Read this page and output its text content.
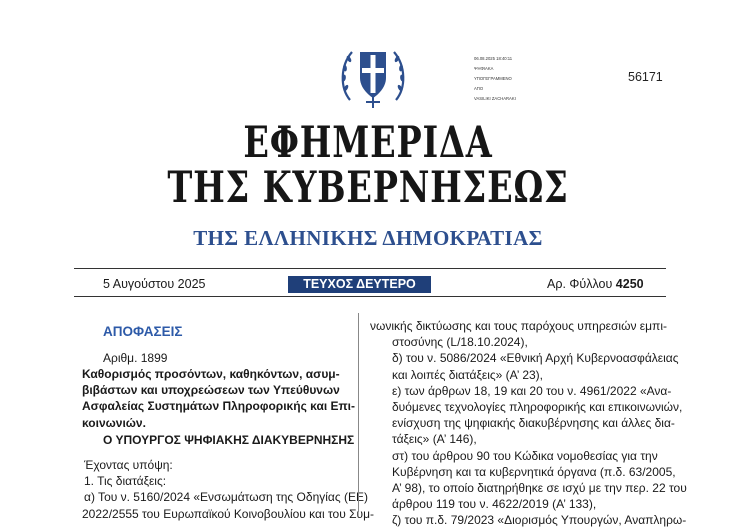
06.08.2025 18:40:11
ΨΗΦΙΑΚΑ
ΥΠΟΓΕΓΡΑΜΜΕΝΟ
ΑΠΟ
VASILIKI ZACHARAKI
56171
ΕΦΗΜΕΡΙΔΑ
ΤΗΣ ΚΥΒΕΡΝΗΣΕΩΣ
ΤΗΣ ΕΛΛΗΝΙΚΗΣ ΔΗΜΟΚΡΑΤΙΑΣ
5 Αυγούστου 2025	ΤΕΥΧΟΣ ΔΕΥΤΕΡΟ	Αρ. Φύλλου 4250
ΑΠΟΦΑΣΕΙΣ
Αριθμ. 1899
Καθορισμός προσόντων, καθηκόντων, ασυμ-
βιβάστων και υποχρεώσεων των Υπεύθυνων
Ασφαλείας Συστημάτων Πληροφορικής και Επι-
κοινωνιών.
Ο ΥΠΟΥΡΓΟΣ ΨΗΦΙΑΚΗΣ ΔΙΑΚΥΒΕΡΝΗΣΗΣ
Έχοντας υπόψη:
1. Τις διατάξεις:
α) Του ν. 5160/2024 «Ενσωμάτωση της Οδηγίας (ΕΕ)
2022/2555 του Ευρωπαϊκού Κοινοβουλίου και του Συμ-
νωνικής δικτύωσης και τους παρόχους υπηρεσιών εμπι-
στοσύνης (L/18.10.2024),
δ) του ν. 5086/2024 «Εθνική Αρχή Κυβερνοασφάλειας
και λοιπές διατάξεις» (Α’ 23),
ε) των άρθρων 18, 19 και 20 του ν. 4961/2022 «Ανα-
δυόμενες τεχνολογίες πληροφορικής και επικοινωνιών,
ενίσχυση της ψηφιακής διακυβέρνησης και άλλες δια-
τάξεις» (Α’ 146),
στ) του άρθρου 90 του Κώδικα νομοθεσίας για την
Κυβέρνηση και τα κυβερνητικά όργανα (π.δ. 63/2005,
Α’ 98), το οποίο διατηρήθηκε σε ισχύ με την περ. 22 του
άρθρου 119 του ν. 4622/2019 (Α’ 133),
ζ) του π.δ. 79/2023 «Διορισμός Υπουργών, Αναπληρω-
